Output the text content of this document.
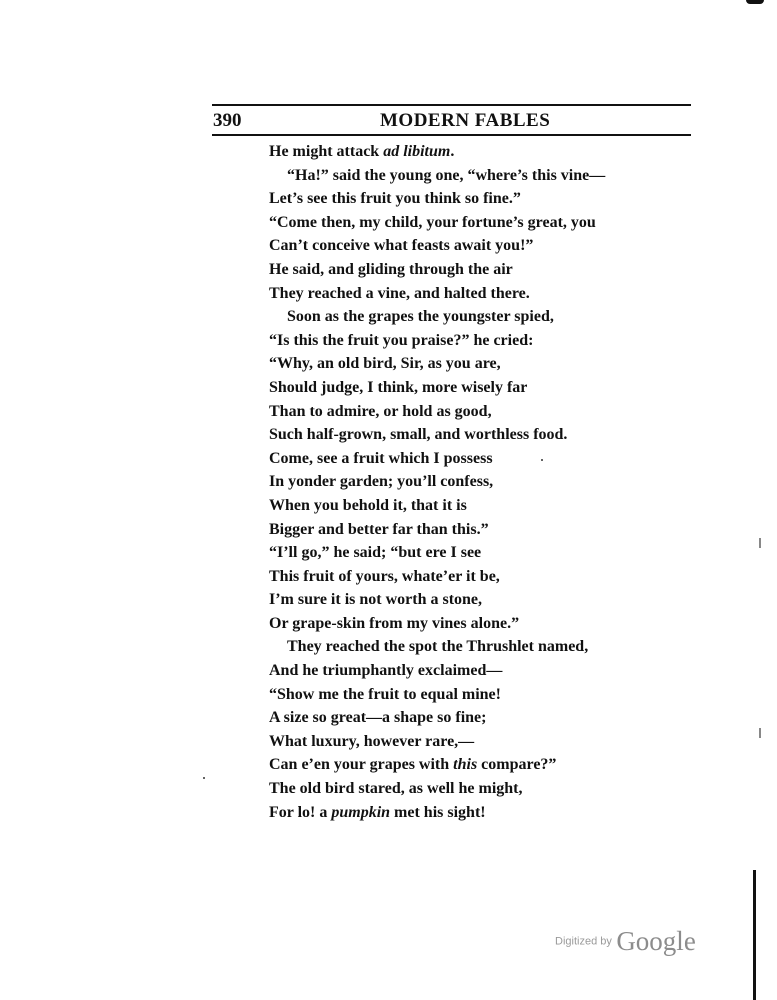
390	MODERN FABLES
He might attack ad libitum.
“Ha!” said the young one, “where’s this vine—
Let’s see this fruit you think so fine.”
“Come then, my child, your fortune’s great, you
Can’t conceive what feasts await you!”
He said, and gliding through the air
They reached a vine, and halted there.
Soon as the grapes the youngster spied,
“Is this the fruit you praise?” he cried:
“Why, an old bird, Sir, as you are,
Should judge, I think, more wisely far
Than to admire, or hold as good,
Such half-grown, small, and worthless food.
Come, see a fruit which I possess
In yonder garden; you’ll confess,
When you behold it, that it is
Bigger and better far than this.”
“I’ll go,” he said; “but ere I see
This fruit of yours, whate’er it be,
I’m sure it is not worth a stone,
Or grape-skin from my vines alone.”
They reached the spot the Thrushlet named,
And he triumphantly exclaimed—
“Show me the fruit to equal mine!
A size so great—a shape so fine;
What luxury, however rare,—
Can e’en your grapes with this compare?”
The old bird stared, as well he might,
For lo! a pumpkin met his sight!
Digitized by Google
